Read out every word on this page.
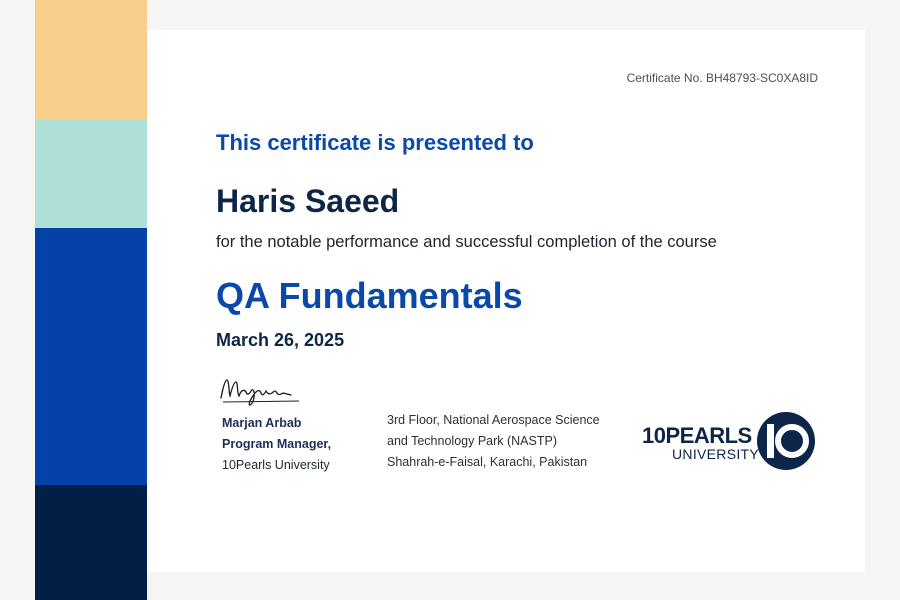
Certificate No. BH48793-SC0XA8ID
This certificate is presented to
Haris Saeed
for the notable performance and successful completion of the course
QA Fundamentals
March 26, 2025
Marjan Arbab
Program Manager,
10Pearls University
3rd Floor, National Aerospace Science
and Technology Park (NASTP)
Shahrah-e-Faisal, Karachi, Pakistan
10PEARLS
UNIVERSITY
